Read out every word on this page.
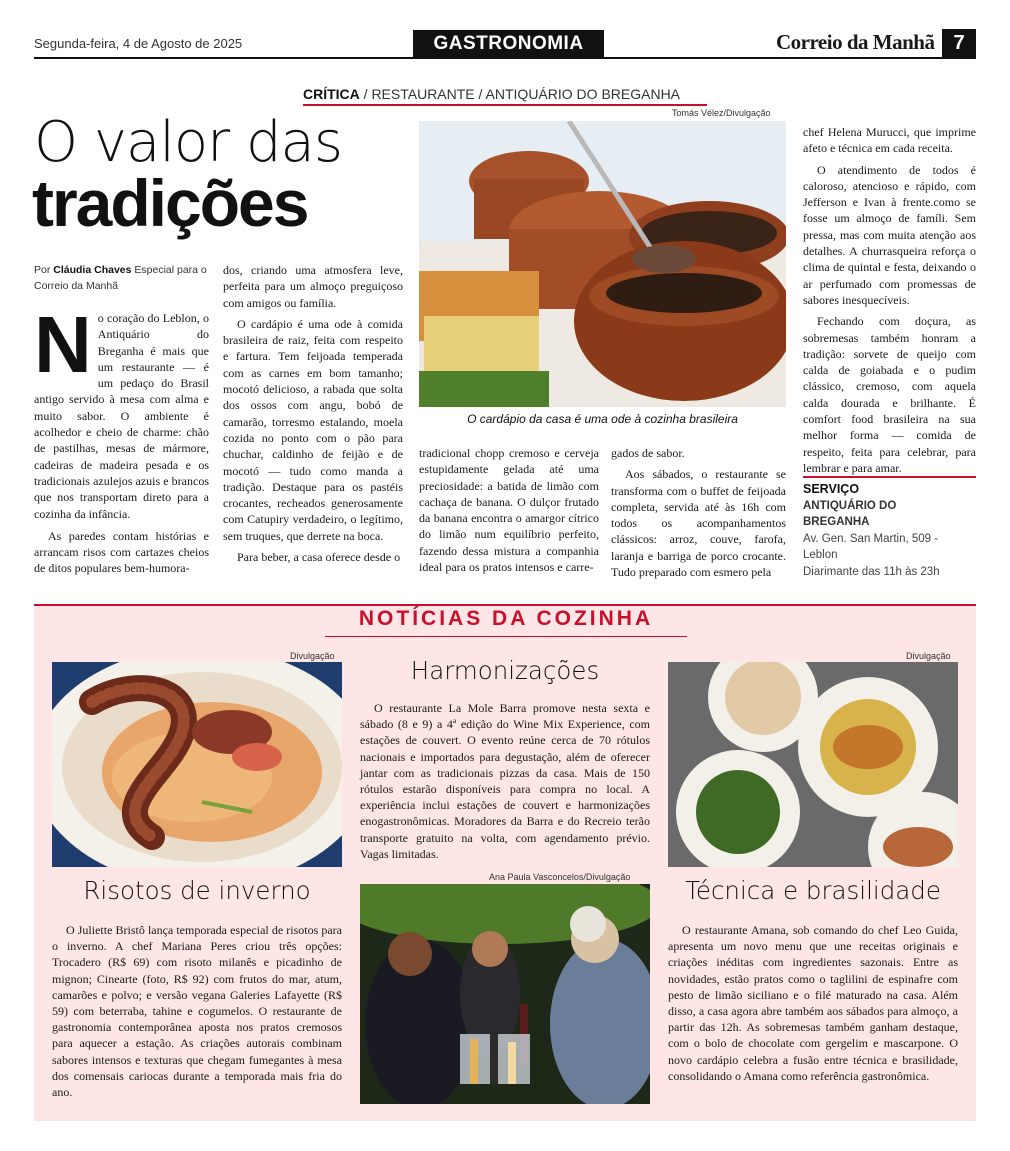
Segunda-feira, 4 de Agosto de 2025	GASTRONOMIA	Correio da Manhã 7
CRÍTICA / RESTAURANTE / ANTIQUÁRIO DO BREGANHA
Tomás Vélez/Divulgação
O valor das
tradições
Por Cláudia Chaves Especial para o Correio da Manhã

No coração do Leblon, o Antiquário do Breganha é mais que um restaurante — é um pedaço do Brasil antigo servido à mesa com alma e muito sabor. O ambiente é acolhedor e cheio de charme: chão de pastilhas, mesas de mármore, cadeiras de madeira pesada e os tradicionais azulejos azuis e brancos que nos transportam direto para a cozinha da infância.

As paredes contam histórias e arrancam risos com cartazes cheios de ditos populares bem-humora-

dos, criando uma atmosfera leve, perfeita para um almoço preguiçoso com amigos ou família.

O cardápio é uma ode à comida brasileira de raiz, feita com respeito e fartura. Tem feijoada temperada com as carnes em bom tamanho; mocotó delicioso, a rabada que solta dos ossos com angu, bobó de camarão, torresmo estalando, moela cozida no ponto com o pão para chuchar, caldinho de feijão e de mocotó — tudo como manda a tradição. Destaque para os pastéis crocantes, recheados generosamente com Catupiry verdadeiro, o legítimo, sem truques, que derrete na boca.

Para beber, a casa oferece desde o

O cardápio da casa é uma ode à cozinha brasileira

tradicional chopp cremoso e cerveja estupidamente gelada até uma preciosidade: a batida de limão com cachaça de banana. O dulçor frutado da banana encontra o amargor cítrico do limão num equilíbrio perfeito, fazendo dessa mistura a companhia ideal para os pratos intensos e carre-

gados de sabor.

Aos sábados, o restaurante se transforma com o buffet de feijoada completa, servida até às 16h com todos os acompanhamentos clássicos: arroz, couve, farofa, laranja e barriga de porco crocante. Tudo preparado com esmero pela

chef Helena Murucci, que imprime afeto e técnica em cada receita.

O atendimento de todos é caloroso, atencioso e rápido, com Jefferson e Ivan à frente.como se fosse um almoço de famíli. Sem pressa, mas com muita atenção aos detalhes. A churrasqueira reforça o clima de quintal e festa, deixando o ar perfumado com promessas de sabores inesquecíveis.

Fechando com doçura, as sobremesas também honram a tradição: sorvete de queijo com calda de goiabada e o pudim clássico, cremoso, com aquela calda dourada e brilhante. É comfort food brasileira na sua melhor forma — comida de respeito, feita para celebrar, para lembrar e para amar.

SERVIÇO
ANTIQUÁRIO DO
BREGANHA
Av. Gen. San Martin, 509 -
Leblon
Diarimante das 11h às 23h
NOTÍCIAS DA COZINHA
Divulgação
Risotos de inverno

O Juliette Bristô lança temporada especial de risotos para o inverno. A chef Mariana Peres criou três opções: Trocadero (R$ 69) com risoto milanês e picadinho de mignon; Cinearte (foto, R$ 92) com frutos do mar, atum, camarões e polvo; e versão vegana Galeries Lafayette (R$ 59) com beterraba, tahine e cogumelos. O restaurante de gastronomia contemporânea aposta nos pratos cremosos para aquecer a estação. As criações autorais combinam sabores intensos e texturas que chegam fumegantes à mesa dos comensais cariocas durante a temporada mais fria do ano.

Harmonizações

O restaurante La Mole Barra promove nesta sexta e sábado (8 e 9) a 4ª edição do Wine Mix Experience, com estações de couvert. O evento reúne cerca de 70 rótulos nacionais e importados para degustação, além de oferecer jantar com as tradicionais pizzas da casa. Mais de 150 rótulos estarão disponíveis para compra no local. A experiência inclui estações de couvert e harmonizações enogastronômicas. Moradores da Barra e do Recreio terão transporte gratuito na volta, com agendamento prévio. Vagas limitadas.

Ana Paula Vasconcelos/Divulgação
Divulgação
Técnica e brasilidade

O restaurante Amana, sob comando do chef Leo Guida, apresenta um novo menu que une receitas originais e criações inéditas com ingredientes sazonais. Entre as novidades, estão pratos como o taglilini de espinafre com pesto de limão siciliano e o filé maturado na casa. Além disso, a casa agora abre também aos sábados para almoço, a partir das 12h. As sobremesas também ganham destaque, com o bolo de chocolate com gergelim e mascarpone. O novo cardápio celebra a fusão entre técnica e brasilidade, consolidando o Amana como referência gastronômica.
